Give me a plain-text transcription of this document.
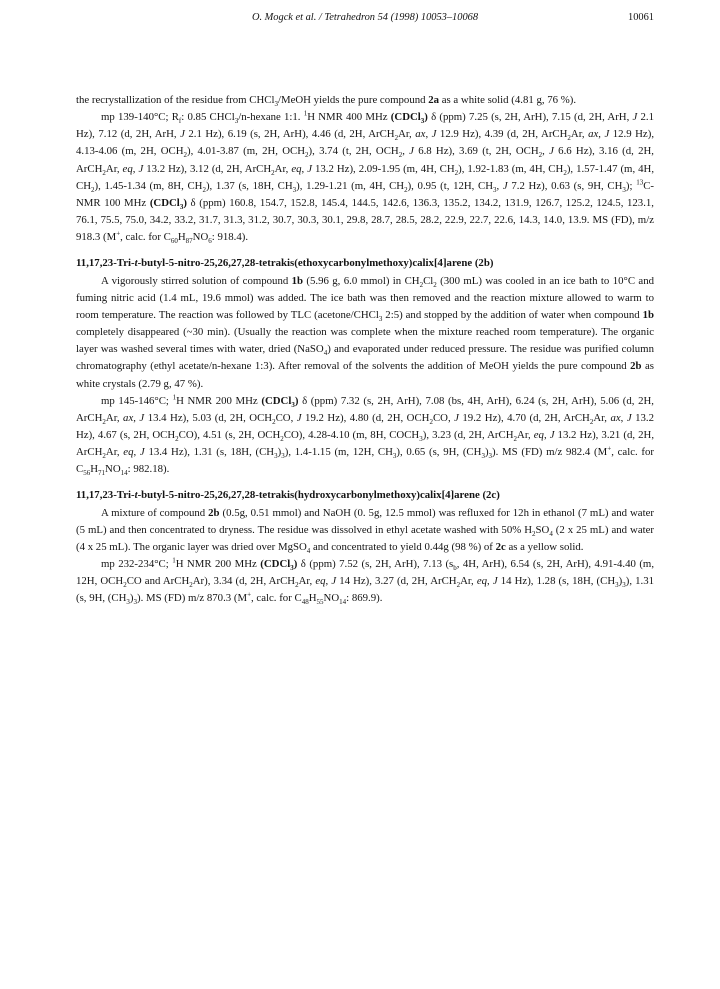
O. Mogck et al. / Tetrahedron 54 (1998) 10053–10068	10061

the recrystallization of the residue from CHCl$_3$/MeOH yields the pure compound 2a as a white solid (4.81 g, 76 %).

mp 139-140°C; $R_f$: 0.85 CHCl$_3$/n-hexane 1:1. $^1$H NMR 400 MHz (CDCl$_3$) δ (ppm) 7.25 (s, 2H, ArH), 7.15 (d, 2H, ArH, J 2.1 Hz), 7.12 (d, 2H, ArH, J 2.1 Hz), 6.19 (s, 2H, ArH), 4.46 (d, 2H, ArCH$_2$Ar, ax, J 12.9 Hz), 4.39 (d, 2H, ArCH$_2$Ar, ax, J 12.9 Hz), 4.13-4.06 (m, 2H, $OCH_2$), 4.01-3.87 (m, 2H, $OCH_2$), 3.74 (t, 2H, $OCH_2$, J 6.8 Hz), 3.69 (t, 2H, $OCH_2$, J 6.6 Hz), 3.16 (d, 2H, ArCH$_2$Ar, eq, J 13.2 Hz), 3.12 (d, 2H, ArCH$_2$Ar, eq, J 13.2 Hz), 2.09-1.95 (m, 4H, $CH_2$), 1.92-1.83 (m, 4H, $CH_2$), 1.57-1.47 (m, 4H, $CH_2$), 1.45-1.34 (m, 8H, $CH_2$), 1.37 (s, 18H, $CH_3$), 1.29-1.21 (m, 4H, $CH_2$), 0.95 (t, 12H, $CH_3$, J 7.2 Hz), 0.63 (s, 9H, $CH_3$); $^{13}$C-NMR 100 MHz (CDCl$_3$) δ (ppm) 160.8, 154.7, 152.8, 145.4, 144.5, 142.6, 136.3, 135.2, 134.2, 131.9, 126.7, 125.2, 124.5, 123.1, 76.1, 75.5, 75.0, 34.2, 33.2, 31.7, 31.3, 31.2, 30.7, 30.3, 30.1, 29.8, 28.7, 28.5, 28.2, 22.9, 22.7, 22.6, 14.3, 14.0, 13.9. MS (FD), m/z 918.3 (M+, calc. for $C_{60}H_{87}NO_6$: 918.4).

11,17,23-Tri-t-butyl-5-nitro-25,26,27,28-tetrakis(ethoxycarbonylmethoxy)calix[4]arene (2b)

A vigorously stirred solution of compound 1b (5.96 g, 6.0 mmol) in $CH_2Cl_2$ (300 mL) was cooled in an ice bath to 10°C and fuming nitric acid (1.4 mL, 19.6 mmol) was added. The ice bath was then removed and the reaction mixture allowed to warm to room temperature. The reaction was followed by TLC (acetone/CHCl$_3$ 2:5) and stopped by the addition of water when compound 1b completely disappeared (~30 min). (Usually the reaction was complete when the mixture reached room temperature). The organic layer was washed several times with water, dried (NaSO$_4$) and evaporated under reduced pressure. The residue was purified column chromatography (ethyl acetate/n-hexane 1:3). After removal of the solvents the addition of MeOH yields the pure compound 2b as white crystals (2.79 g, 47 %).

mp 145-146°C; $^1$H NMR 200 MHz (CDCl$_3$) δ (ppm) 7.32 (s, 2H, ArH), 7.08 (bs, 4H, ArH), 6.24 (s, 2H, ArH), 5.06 (d, 2H, ArCH$_2$Ar, ax, J 13.4 Hz), 5.03 (d, 2H, $OCH_2CO$, J 19.2 Hz), 4.80 (d, 2H, $OCH_2CO$, J 19.2 Hz), 4.70 (d, 2H, ArCH$_2$Ar, ax, J 13.2 Hz), 4.67 (s, 2H, $OCH_2CO$), 4.51 (s, 2H, $OCH_2CO$), 4.28-4.10 (m, 8H, $COCH_3$), 3.23 (d, 2H, ArCH$_2$Ar, eq, J 13.2 Hz), 3.21 (d, 2H, ArCH$_2$Ar, eq, J 13.4 Hz), 1.31 (s, 18H, $(CH_3)_3$), 1.4-1.15 (m, 12H, $CH_3$), 0.65 (s, 9H, $(CH_3)_3$). MS (FD) m/z 982.4 (M+, calc. for $C_{56}H_{71}NO_{14}$: 982.18).

11,17,23-Tri-t-butyl-5-nitro-25,26,27,28-tetrakis(hydroxycarbonylmethoxy)calix[4]arene (2c)

A mixture of compound 2b (0.5g, 0.51 mmol) and NaOH (0. 5g, 12.5 mmol) was refluxed for 12h in ethanol (7 mL) and water (5 mL) and then concentrated to dryness. The residue was dissolved in ethyl acetate washed with 50% $H_2SO_4$ (2 x 25 mL) and water (4 x 25 mL). The organic layer was dried over MgSO$_4$ and concentrated to yield 0.44g (98 %) of 2c as a yellow solid.

mp 232-234°C; $^1$H NMR 200 MHz (CDCl$_3$) δ (ppm) 7.52 (s, 2H, ArH), 7.13 ($s_b$, 4H, ArH), 6.54 (s, 2H, ArH), 4.91-4.40 (m, 12H, $OCH_2CO$ and ArCH$_2$Ar), 3.34 (d, 2H, ArCH$_2$Ar, eq, J 14 Hz), 3.27 (d, 2H, ArCH$_2$Ar, eq, J 14 Hz), 1.28 (s, 18H, $(CH_3)_3$), 1.31 (s, 9H, $(CH_3)_3$). MS (FD) m/z 870.3 (M+, calc. for $C_{48}H_{55}NO_{14}$: 869.9).
